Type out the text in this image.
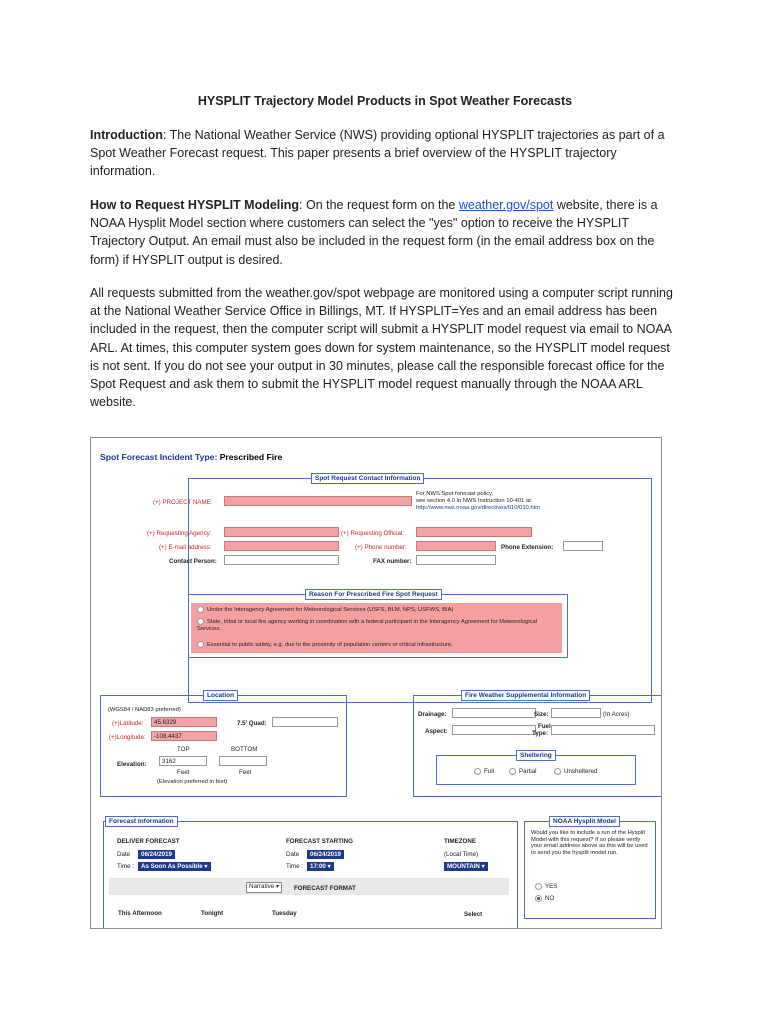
HYSPLIT Trajectory Model Products in Spot Weather Forecasts
Introduction: The National Weather Service (NWS) providing optional HYSPLIT trajectories as part of a Spot Weather Forecast request. This paper presents a brief overview of the HYSPLIT trajectory information.
How to Request HYSPLIT Modeling: On the request form on the weather.gov/spot website, there is a NOAA Hysplit Model section where customers can select the "yes" option to receive the HYSPLIT Trajectory Output. An email must also be included in the request form (in the email address box on the form) if HYSPLIT output is desired.
All requests submitted from the weather.gov/spot webpage are monitored using a computer script running at the National Weather Service Office in Billings, MT. If HYSPLIT=Yes and an email address has been included in the request, then the computer script will submit a HYSPLIT model request via email to NOAA ARL. At times, this computer system goes down for system maintenance, so the HYSPLIT model request is not sent. If you do not see your output in 30 minutes, please call the responsible forecast office for the Spot Request and ask them to submit the HYSPLIT model request manually through the NOAA ARL website.
Spot Forecast Incident Type: Prescribed Fire
Spot Request Contact Information
(+) PROJECT NAME:
For NWS Spot forecast policy,
see section 4.0 in NWS Instruction 10-401 at:
http://www.nws.noaa.gov/directives/010/010.htm
(+) Requesting Agency:	(+) Requesting Official:
(+) E-mail address:	(+) Phone number:	Phone Extension:
Contact Person:	FAX number:
Reason For Prescribed Fire Spot Request
Under the Interagency Agreement for Meteorological Services (USFS, BLM, NPS, USFWS, BIA)
State, tribal or local fire agency working in coordination with a federal participant in the Interagency Agreement for Meteorological Services.
Essential to public safety, e.g. due to the proximity of population centers or critical infrastructure.
Location
(WGS84 / NAD83 preferred)
(+)Latitude:	45.6329	7.5' Quad:
(+)Longitude:	-108.4437
TOP	BOTTOM
Elevation:	3162
Feet	Feet
(Elevation preferred in feet)
Fire Weather Supplemental Information
Drainage:	Size:	(In Acres)
Aspect:
Fuel
Type:
Sheltering
Full	Partial	Unsheltered
Forecast Information
DELIVER FORECAST	FORECAST STARTING	TIMEZONE
Date	06/24/2019	Date	06/24/2019	(Local Time)
Time :	As Soon As Possible ▾	Time :	17:00 ▾	MOUNTAIN ▾
Narrative ▾	FORECAST FORMAT
This Afternoon	Tonight	Tuesday	Select
NOAA Hysplit Model
Would you like to include a run of the Hysplit Model with this request? If so please verify your email address above as this will be used to send you the hysplit model run.
YES
NO
